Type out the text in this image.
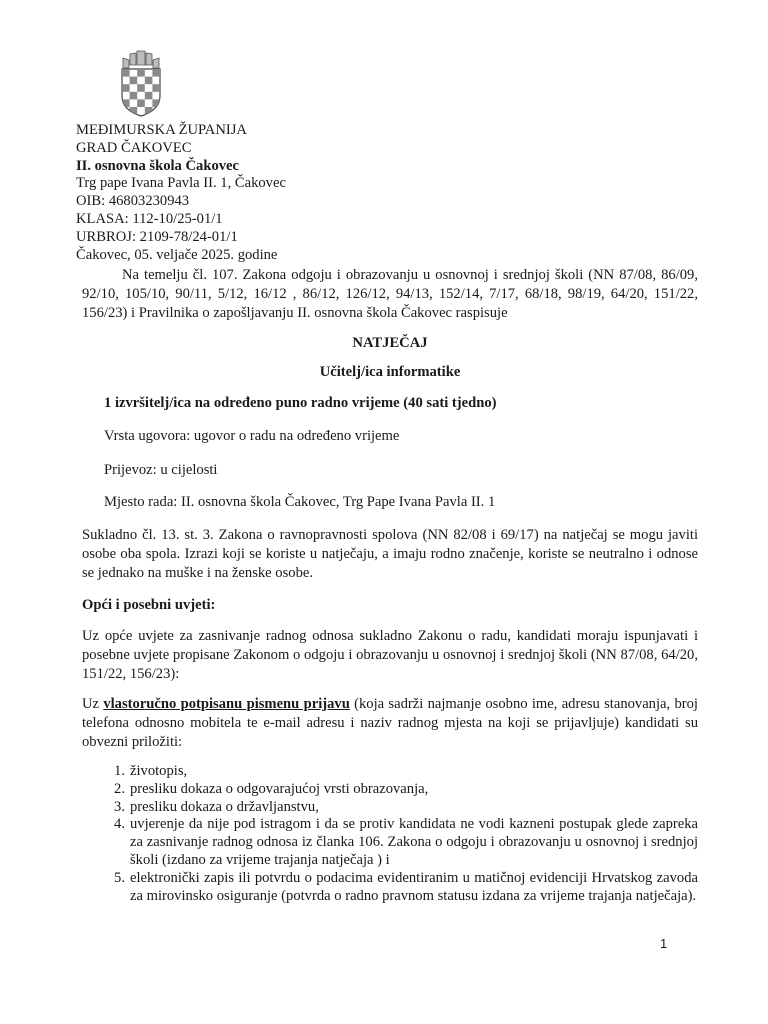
MEĐIMURSKA ŽUPANIJA
GRAD ČAKOVEC
II. osnovna škola Čakovec
Trg pape Ivana Pavla II. 1, Čakovec
OIB: 46803230943
KLASA: 112-10/25-01/1
URBROJ: 2109-78/24-01/1
Čakovec, 05. veljače 2025. godine
Na temelju čl. 107. Zakona odgoju i obrazovanju u osnovnoj i srednjoj školi (NN 87/08, 86/09, 92/10, 105/10, 90/11, 5/12, 16/12 , 86/12, 126/12, 94/13, 152/14, 7/17, 68/18, 98/19, 64/20, 151/22, 156/23) i Pravilnika o zapošljavanju II. osnovna škola Čakovec raspisuje
NATJEČAJ
Učitelj/ica informatike
1 izvršitelj/ica na određeno puno radno vrijeme (40 sati tjedno)
Vrsta ugovora: ugovor o radu na određeno vrijeme
Prijevoz: u cijelosti
Mjesto rada: II. osnovna škola Čakovec, Trg Pape Ivana Pavla II. 1
Sukladno čl. 13. st. 3. Zakona o ravnopravnosti spolova (NN 82/08 i 69/17) na natječaj se mogu javiti osobe oba spola. Izrazi koji se koriste u natječaju, a imaju rodno značenje, koriste se neutralno i odnose se jednako na muške i na ženske osobe.
Opći i posebni uvjeti:
Uz opće uvjete za zasnivanje radnog odnosa sukladno Zakonu o radu, kandidati moraju ispunjavati i posebne uvjete propisane Zakonom o odgoju i obrazovanju u osnovnoj i srednjoj školi (NN 87/08, 64/20, 151/22, 156/23):
Uz vlastoručno potpisanu pismenu prijavu (koja sadrži najmanje osobno ime, adresu stanovanja, broj telefona odnosno mobitela te e-mail adresu i naziv radnog mjesta na koji se prijavljuje) kandidati su obvezni priložiti:
1. životopis,
2. presliku dokaza o odgovarajućoj vrsti obrazovanja,
3. presliku dokaza o državljanstvu,
4. uvjerenje da nije pod istragom i da se protiv kandidata ne vodi kazneni postupak glede zapreka za zasnivanje radnog odnosa iz članka 106. Zakona o odgoju i obrazovanju u osnovnoj i srednjoj školi (izdano za vrijeme trajanja natječaja ) i
5. elektronički zapis ili potvrdu o podacima evidentiranim u matičnoj evidenciji Hrvatskog zavoda za mirovinsko osiguranje (potvrda o radno pravnom statusu izdana za vrijeme trajanja natječaja).
1
